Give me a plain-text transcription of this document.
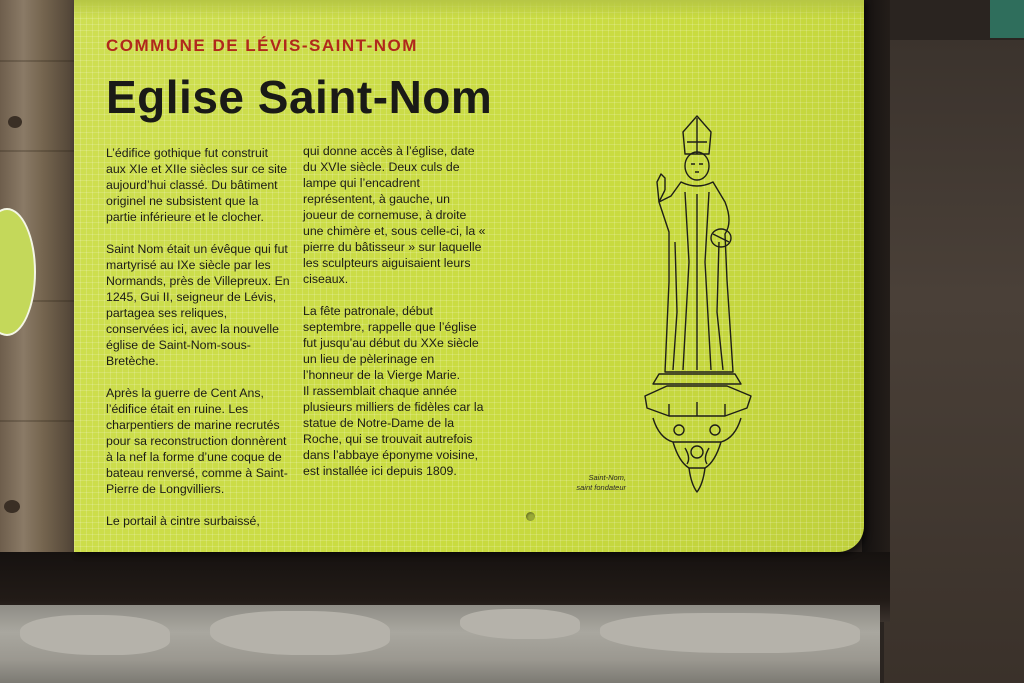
COMMUNE DE LÉVIS-SAINT-NOM
Eglise Saint-Nom

L’édifice gothique fut construit aux XIe et XIIe siècles sur ce site aujourd’hui classé. Du bâtiment originel ne subsistent que la partie inférieure et le clocher.

Saint Nom était un évêque qui fut martyrisé au IXe siècle par les Normands, près de Villepreux. En 1245, Gui II, seigneur de Lévis, partagea ses reliques, conservées ici, avec la nouvelle église de Saint-Nom-sous-Bretèche.

Après la guerre de Cent Ans, l’édifice était en ruine. Les charpentiers de marine recrutés pour sa reconstruction donnèrent à la nef la forme d’une coque de bateau renversé, comme à Saint-Pierre de Longvilliers.

Le portail à cintre surbaissé,

qui donne accès à l’église, date du XVIe siècle. Deux culs de lampe qui l’encadrent représentent, à gauche, un joueur de cornemuse, à droite une chimère et, sous celle-ci, la « pierre du bâtisseur » sur laquelle les sculpteurs aiguisaient leurs ciseaux.

La fête patronale, début septembre, rappelle que l’église fut jusqu’au début du XXe siècle un lieu de pèlerinage en l’honneur de la Vierge Marie.

Il rassemblait chaque année plusieurs milliers de fidèles car la statue de Notre-Dame de la Roche, qui se trouvait autrefois dans l’abbaye éponyme voisine, est installée ici depuis 1809.	Saint-Nom,
saint fondateur
